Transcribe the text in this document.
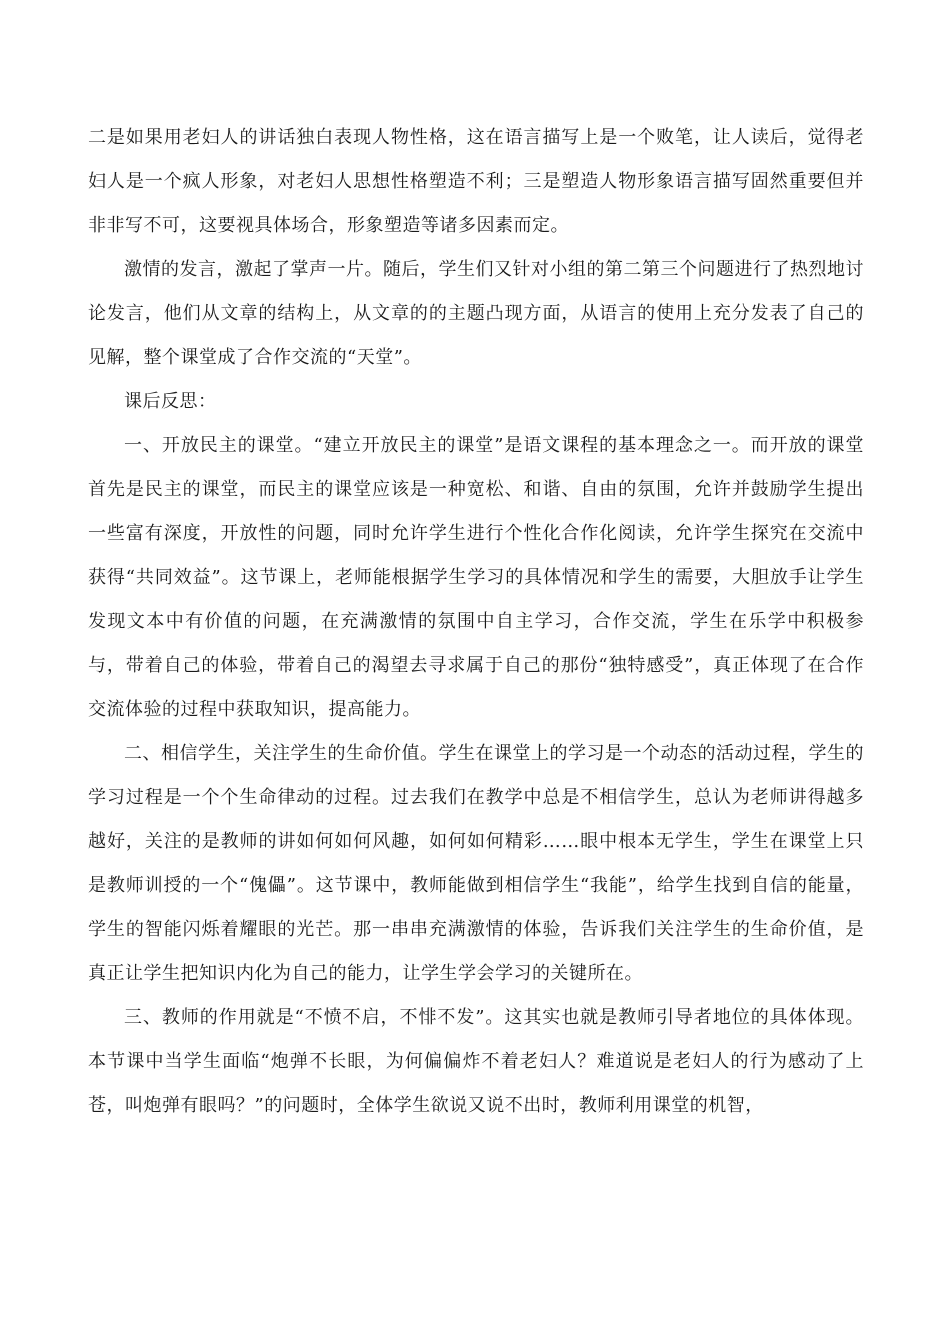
二是如果用老妇人的讲话独白表现人物性格，这在语言描写上是一个败笔，让人读后，觉得老妇人是一个疯人形象，对老妇人思想性格塑造不利；三是塑造人物形象语言描写固然重要但并非非写不可，这要视具体场合，形象塑造等诸多因素而定。

激情的发言，激起了掌声一片。随后，学生们又针对小组的第二第三个问题进行了热烈地讨论发言，他们从文章的结构上，从文章的的主题凸现方面，从语言的使用上充分发表了自己的见解，整个课堂成了合作交流的“天堂”。

课后反思：

一、开放民主的课堂。“建立开放民主的课堂”是语文课程的基本理念之一。而开放的课堂首先是民主的课堂，而民主的课堂应该是一种宽松、和谐、自由的氛围，允许并鼓励学生提出一些富有深度，开放性的问题，同时允许学生进行个性化合作化阅读，允许学生探究在交流中获得“共同效益”。这节课上，老师能根据学生学习的具体情况和学生的需要，大胆放手让学生发现文本中有价值的问题，在充满激情的氛围中自主学习，合作交流，学生在乐学中积极参与，带着自己的体验，带着自己的渴望去寻求属于自己的那份“独特感受”，真正体现了在合作交流体验的过程中获取知识，提高能力。

二、相信学生，关注学生的生命价值。学生在课堂上的学习是一个动态的活动过程，学生的学习过程是一个个生命律动的过程。过去我们在教学中总是不相信学生，总认为老师讲得越多越好，关注的是教师的讲如何如何风趣，如何如何精彩……眼中根本无学生，学生在课堂上只是教师训授的一个“傀儡”。这节课中，教师能做到相信学生“我能”，给学生找到自信的能量，学生的智能闪烁着耀眼的光芒。那一串串充满激情的体验，告诉我们关注学生的生命价值，是真正让学生把知识内化为自己的能力，让学生学会学习的关键所在。

三、教师的作用就是“不愤不启，不悱不发”。这其实也就是教师引导者地位的具体体现。本节课中当学生面临“炮弹不长眼，为何偏偏炸不着老妇人？难道说是老妇人的行为感动了上苍，叫炮弹有眼吗？”的问题时，全体学生欲说又说不出时，教师利用课堂的机智，
